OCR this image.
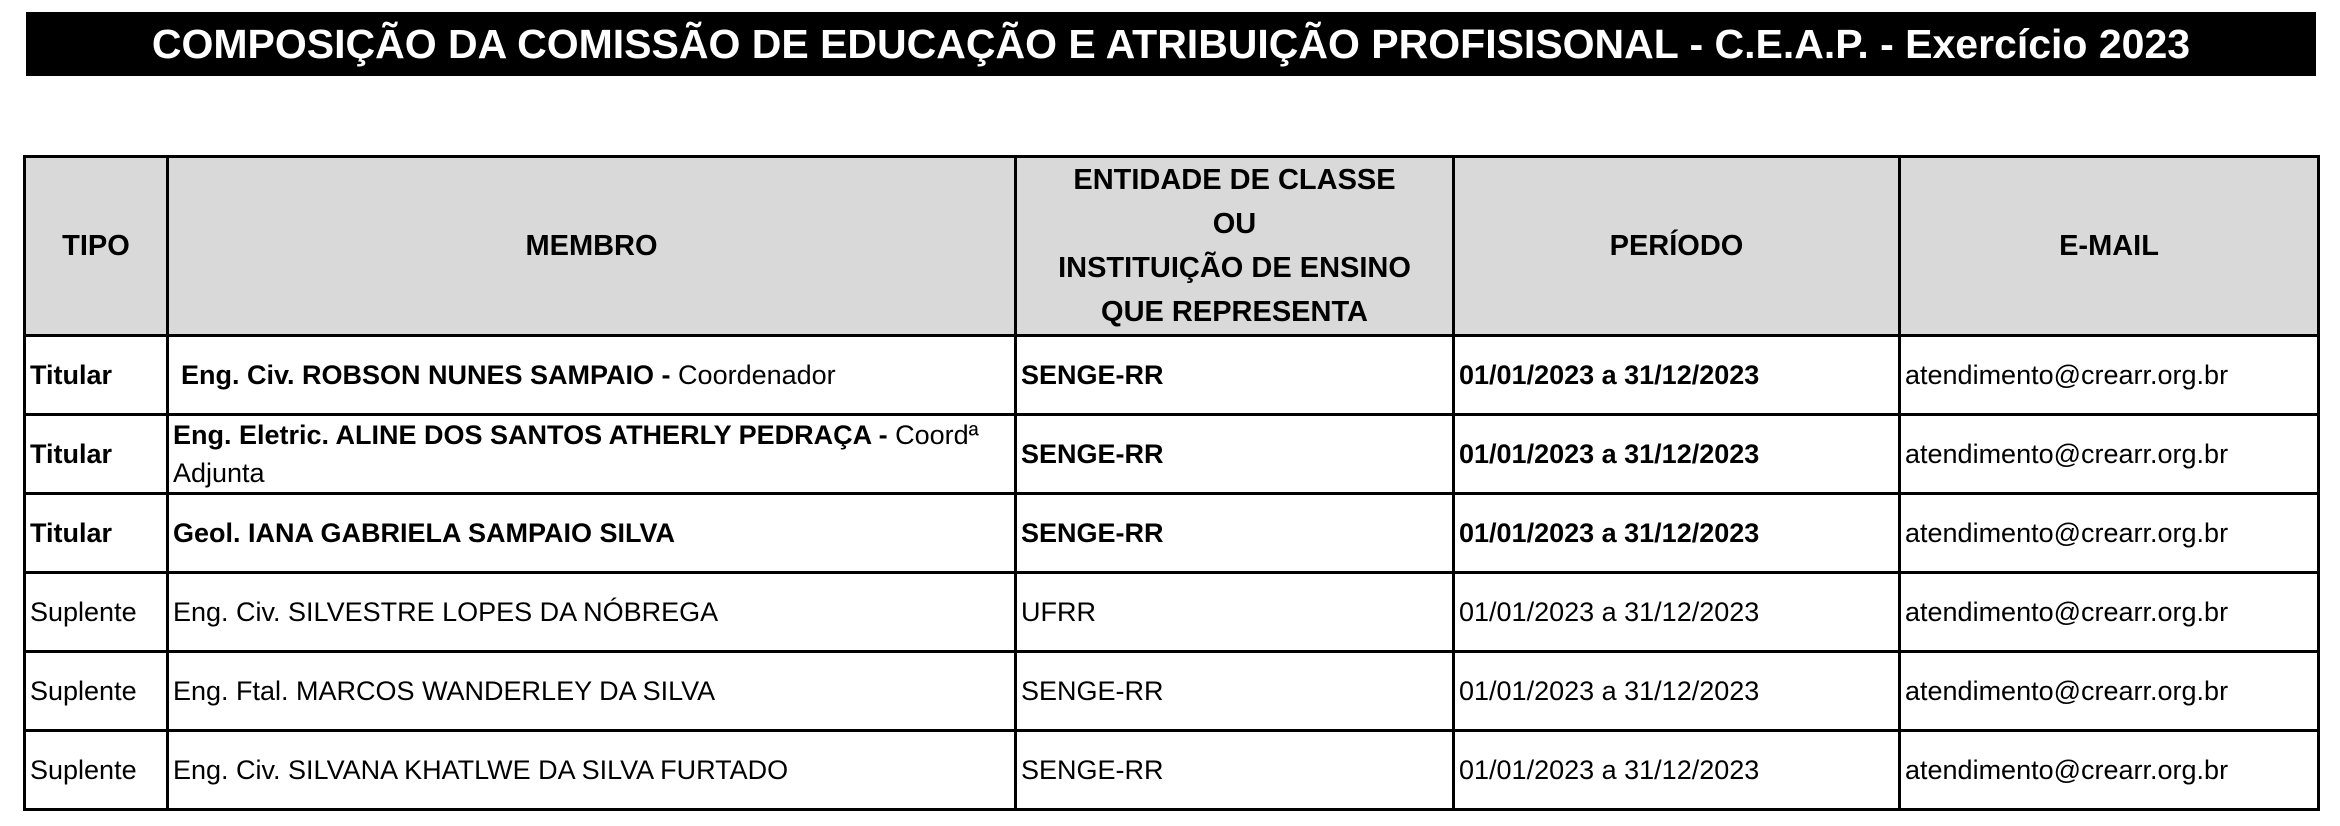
COMPOSIÇÃO DA COMISSÃO DE EDUCAÇÃO E ATRIBUIÇÃO PROFISISONAL - C.E.A.P. - Exercício 2023
TIPO	MEMBRO	ENTIDADE DE CLASSE
OU
INSTITUIÇÃO DE ENSINO
QUE REPRESENTA	PERÍODO	E-MAIL
Titular	Eng. Civ. ROBSON NUNES SAMPAIO - Coordenador	SENGE-RR	01/01/2023 a 31/12/2023	atendimento@crearr.org.br
Titular	Eng. Eletric. ALINE DOS SANTOS ATHERLY PEDRAÇA - Coordª Adjunta	SENGE-RR	01/01/2023 a 31/12/2023	atendimento@crearr.org.br
Titular	Geol. IANA GABRIELA SAMPAIO SILVA	SENGE-RR	01/01/2023 a 31/12/2023	atendimento@crearr.org.br
Suplente	Eng. Civ. SILVESTRE LOPES DA NÓBREGA	UFRR	01/01/2023 a 31/12/2023	atendimento@crearr.org.br
Suplente	Eng. Ftal. MARCOS WANDERLEY DA SILVA	SENGE-RR	01/01/2023 a 31/12/2023	atendimento@crearr.org.br
Suplente	Eng. Civ. SILVANA KHATLWE DA SILVA FURTADO	SENGE-RR	01/01/2023 a 31/12/2023	atendimento@crearr.org.br
